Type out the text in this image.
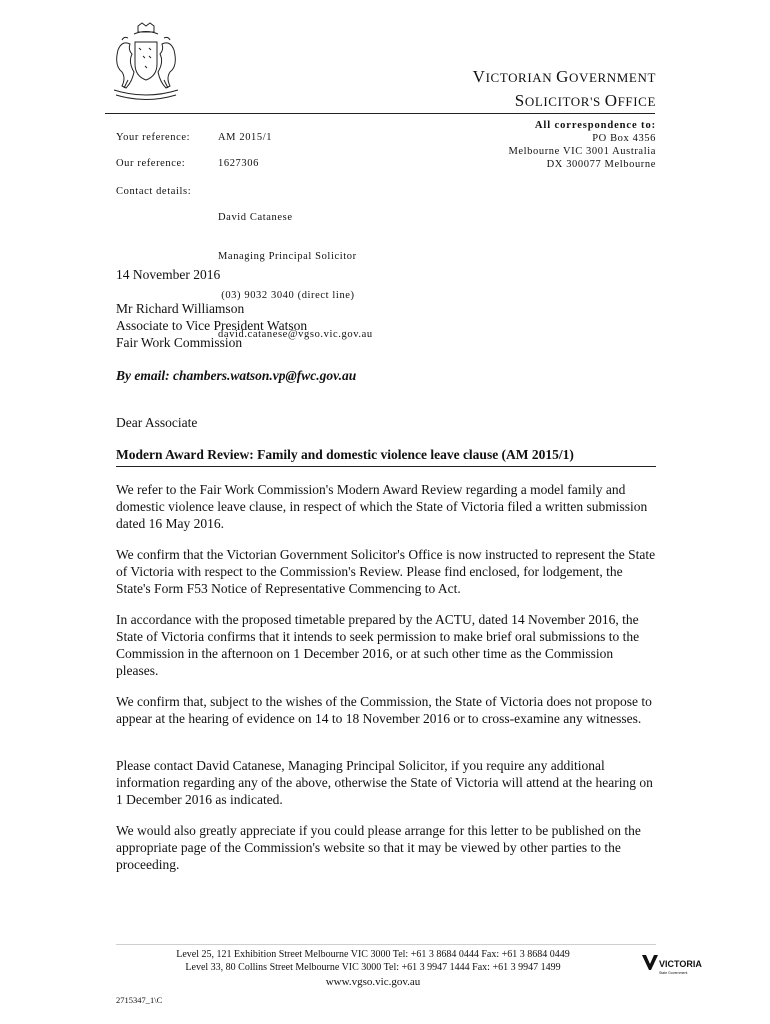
VICTORIAN GOVERNMENT
SOLICITOR'S OFFICE
All correspondence to:
PO Box 4356
Melbourne VIC 3001 Australia
DX 300077 Melbourne
Your reference:	AM 2015/1
Our reference:	1627306
Contact details:

David Catanese

Managing Principal Solicitor

(03) 9032 3040 (direct line)

david.catanese@vgso.vic.gov.au

14 November 2016
Mr Richard Williamson
Associate to Vice President Watson
Fair Work Commission
By email: chambers.watson.vp@fwc.gov.au
Dear Associate
Modern Award Review: Family and domestic violence leave clause (AM 2015/1)
We refer to the Fair Work Commission's Modern Award Review regarding a model family and domestic violence leave clause, in respect of which the State of Victoria filed a written submission dated 16 May 2016.
We confirm that the Victorian Government Solicitor's Office is now instructed to represent the State of Victoria with respect to the Commission's Review. Please find enclosed, for lodgement, the State's Form F53 Notice of Representative Commencing to Act.
In accordance with the proposed timetable prepared by the ACTU, dated 14 November 2016, the State of Victoria confirms that it intends to seek permission to make brief oral submissions to the Commission in the afternoon on 1 December 2016, or at such other time as the Commission pleases.
We confirm that, subject to the wishes of the Commission, the State of Victoria does not propose to appear at the hearing of evidence on 14 to 18 November 2016 or to cross-examine any witnesses.
Please contact David Catanese, Managing Principal Solicitor, if you require any additional information regarding any of the above, otherwise the State of Victoria will attend at the hearing on 1 December 2016 as indicated.
We would also greatly appreciate if you could please arrange for this letter to be published on the appropriate page of the Commission's website so that it may be viewed by other parties to the proceeding.
Level 25, 121 Exhibition Street Melbourne VIC 3000 Tel: +61 3 8684 0444 Fax: +61 3 8684 0449
Level 33, 80 Collins Street Melbourne VIC 3000 Tel: +61 3 9947 1444 Fax: +61 3 9947 1499
www.vgso.vic.gov.au
2715347_1\C
VICTORIA
State Government
